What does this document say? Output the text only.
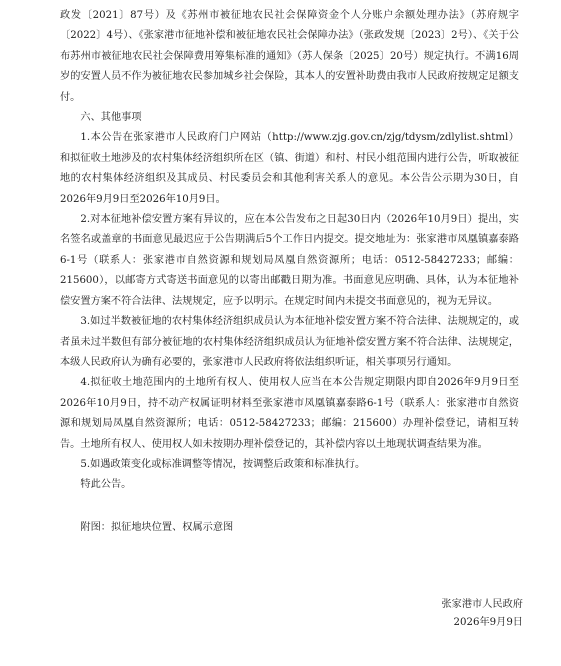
政发〔2021〕87号）及《苏州市被征地农民社会保障资金个人分账户余额处理办法》（苏府规字〔2022〕4号）、《张家港市征地补偿和被征地农民社会保障办法》（张政发规〔2023〕2号）、《关于公布苏州市被征地农民社会保障费用筹集标准的通知》（苏人保条〔2025〕20号）规定执行。不满16周岁的安置人员不作为被征地农民参加城乡社会保险，其本人的安置补助费由我市人民政府按规定足额支付。

六、其他事项

1.本公告在张家港市人民政府门户网站（http://www.zjg.gov.cn/zjg/tdysm/zdlylist.shtml）和拟征收土地涉及的农村集体经济组织所在区（镇、街道）和村、村民小组范围内进行公告，听取被征地的农村集体经济组织及其成员、村民委员会和其他利害关系人的意见。本公告公示期为30日，自2026年9月9日至2026年10月9日。

2.对本征地补偿安置方案有异议的，应在本公告发布之日起30日内（2026年10月9日）提出，实名签名或盖章的书面意见最迟应于公告期满后5个工作日内提交。提交地址为：张家港市凤凰镇嘉泰路6-1号（联系人：张家港市自然资源和规划局凤凰自然资源所；电话：0512-58427233；邮编：215600），以邮寄方式寄送书面意见的以寄出邮戳日期为准。书面意见应明确、具体，认为本征地补偿安置方案不符合法律、法规规定，应予以明示。在规定时间内未提交书面意见的，视为无异议。

3.如过半数被征地的农村集体经济组织成员认为本征地补偿安置方案不符合法律、法规规定的，或者虽未过半数但有部分被征地的农村集体经济组织成员认为征地补偿安置方案不符合法律、法规规定，本级人民政府认为确有必要的，张家港市人民政府将依法组织听证，相关事项另行通知。

4.拟征收土地范围内的土地所有权人、使用权人应当在本公告规定期限内即自2026年9月9日至2026年10月9日，持不动产权属证明材料至张家港市凤凰镇嘉泰路6-1号（联系人：张家港市自然资源和规划局凤凰自然资源所；电话：0512-58427233；邮编：215600）办理补偿登记，请相互转告。土地所有权人、使用权人如未按期办理补偿登记的，其补偿内容以土地现状调查结果为准。

5.如遇政策变化或标准调整等情况，按调整后政策和标准执行。

特此公告。

附图：拟征地块位置、权属示意图

张家港市人民政府
2026年9月9日
